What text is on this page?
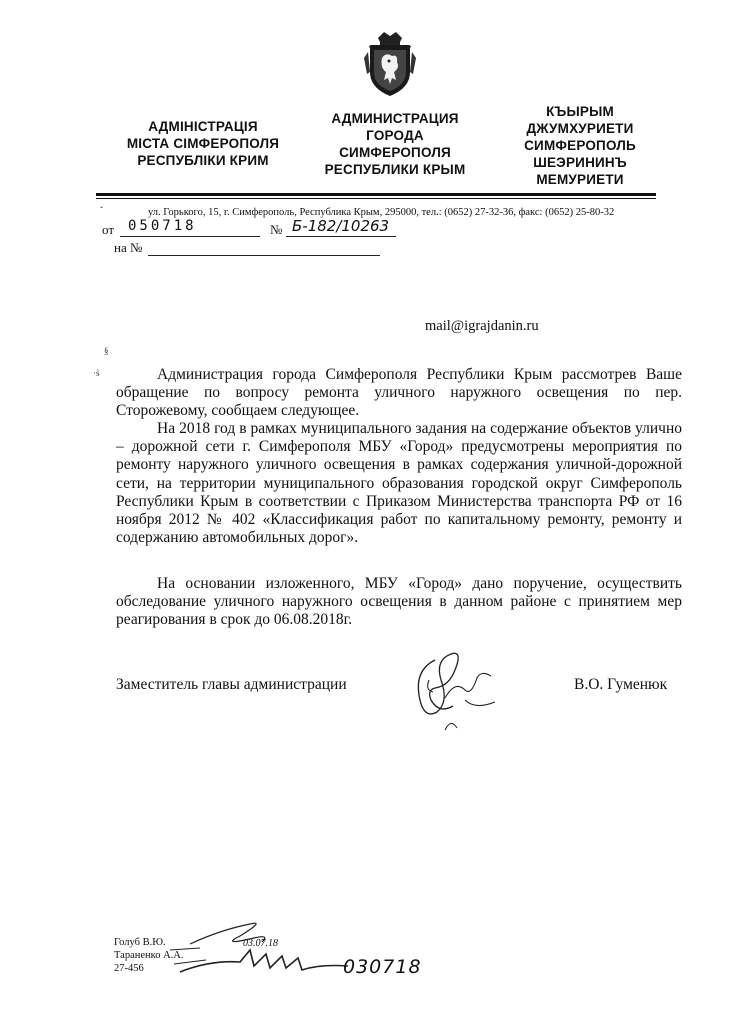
АДМІНІСТРАЦІЯ
МІСТА СІМФЕРОПОЛЯ
РЕСПУБЛІКИ КРИМ
АДМИНИСТРАЦИЯ
ГОРОДА
СИМФЕРОПОЛЯ
РЕСПУБЛИКИ КРЫМ
КЪЫРЫМ
ДЖУМХУРИЕТИ
СИМФЕРОПОЛЬ
ШЕЭРИНИНЪ
МЕМУРИЕТИ
ˇ	ул. Горького, 15, г. Симферополь, Республика Крым, 295000, тел.: (0652) 27-32-36, факс: (0652) 25-80-32
от 050718	№ Б-182/10263
на №
mail@igrajdanin.ru
§
·ṡ	Администрация города Симферополя Республики Крым рассмотрев Ваше обращение по вопросу ремонта уличного наружного освещения по пер. Сторожевому, сообщаем следующее.
На 2018 год в рамках муниципального задания на содержание объектов улично – дорожной сети г. Симферополя МБУ «Город» предусмотрены мероприятия по ремонту наружного уличного освещения в рамках содержания уличной-дорожной сети, на территории муниципального образования городской округ Симферополь Республики Крым в соответствии с Приказом Министерства транспорта РФ от 16 ноября 2012 № 402 «Классификация работ по капитальному ремонту, ремонту и содержанию автомобильных дорог».
На основании изложенного, МБУ «Город» дано поручение, осуществить обследование уличного наружного освещения в данном районе с принятием мер реагирования в срок до 06.08.2018г.
Заместитель главы администрации	В.О. Гуменюк
Голуб В.Ю.
Тараненко А.А.
27-456
03.07.18
030718
